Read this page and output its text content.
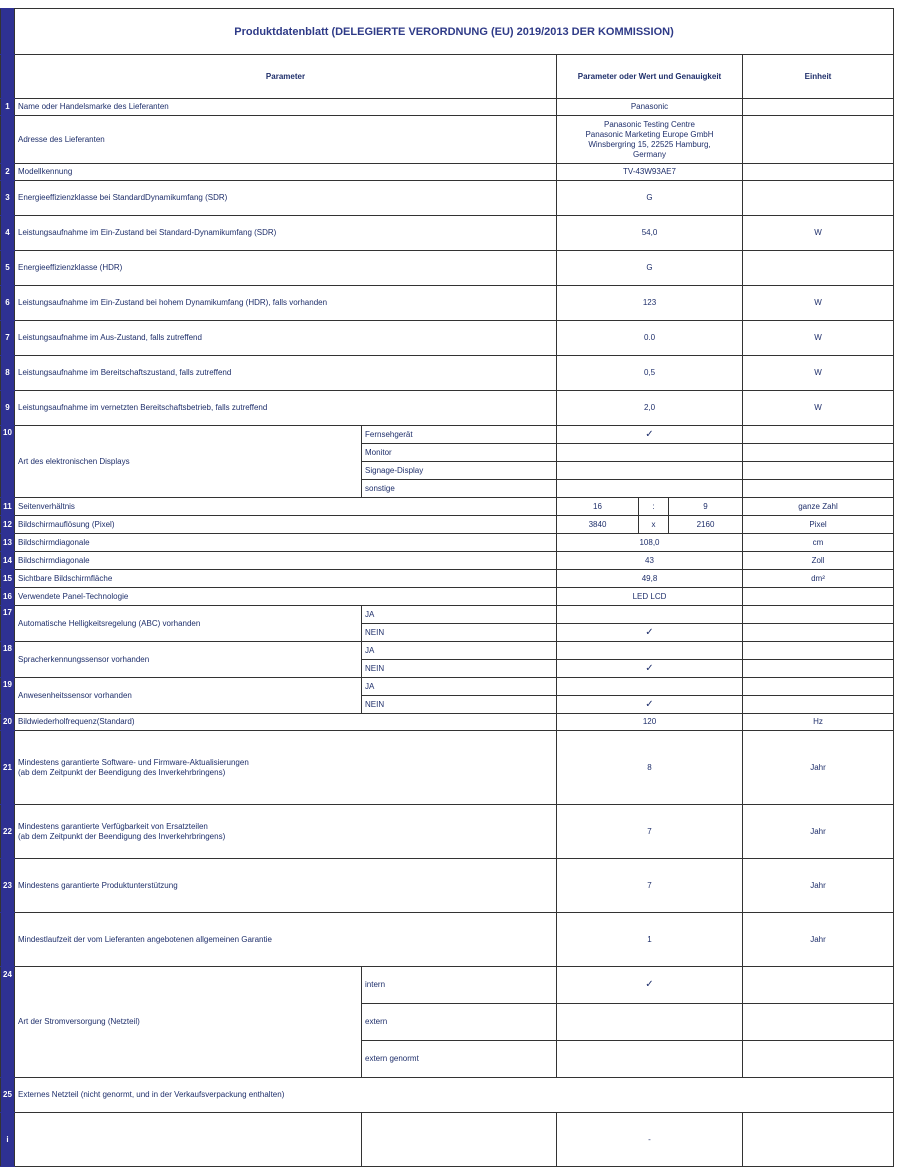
	Produktdatenblatt (DELEGIERTE VERORDNUNG (EU) 2019/2013 DER KOMMISSION)					
	Parameter		Parameter oder Wert und Genauigkeit			Einheit
1	Name oder Handelsmarke des Lieferanten		Panasonic			
	Adresse des Lieferanten		Panasonic Testing Centre
Panasonic Marketing Europe GmbH
Winsbergring 15, 22525 Hamburg,
Germany			

2	Modellkennung		TV-43W93AE7			
3	Energieeffizienzklasse bei StandardDynamikumfang (SDR)		G			
4	Leistungsaufnahme im Ein-Zustand bei Standard-Dynamikumfang (SDR)		54,0			W
5	Energieeffizienzklasse (HDR)		G			
6	Leistungsaufnahme im Ein-Zustand bei hohem Dynamikumfang (HDR), falls vorhanden		123			W
7	Leistungsaufnahme im Aus-Zustand, falls zutreffend		0.0			W
8	Leistungsaufnahme im Bereitschaftszustand, falls zutreffend		0,5			W
9	Leistungsaufnahme im vernetzten Bereitschaftsbetrieb, falls zutreffend		2,0			W
10	Art des elektronischen Displays	Fernsehgerät	✓			
		Monitor				
		Signage-Display				
		sonstige				
11	Seitenverhältnis		16	:	9	ganze Zahl
12	Bildschirmauflösung (Pixel)		3840	x	2160	Pixel
13	Bildschirmdiagonale		108,0			cm
14	Bildschirmdiagonale		43			Zoll
15	Sichtbare Bildschirmfläche		49,8			dm²
16	Verwendete Panel-Technologie		LED LCD			
17	Automatische Helligkeitsregelung (ABC) vorhanden	JA				
		NEIN	✓			
18	Spracherkennungssensor vorhanden	JA				
		NEIN	✓			
19	Anwesenheitssensor vorhanden	JA				
		NEIN	✓			
20	Bildwiederholfrequenz(Standard)		120			Hz
21	Mindestens garantierte Software- und Firmware-Aktualisierungen
(ab dem Zeitpunkt der Beendigung des Inverkehrbringens)		8			Jahr
22	Mindestens garantierte Verfügbarkeit von Ersatzteilen
(ab dem Zeitpunkt der Beendigung des Inverkehrbringens)		7			Jahr
23	Mindestens garantierte Produktunterstützung		7			Jahr
	Mindestlaufzeit der vom Lieferanten angebotenen allgemeinen Garantie		1			Jahr
24	Art der Stromversorgung (Netzteil)	intern	✓			
		extern				
		extern genormt				
25	Externes Netzteil (nicht genormt, und in der Verkaufsverpackung enthalten)					
i			-			
